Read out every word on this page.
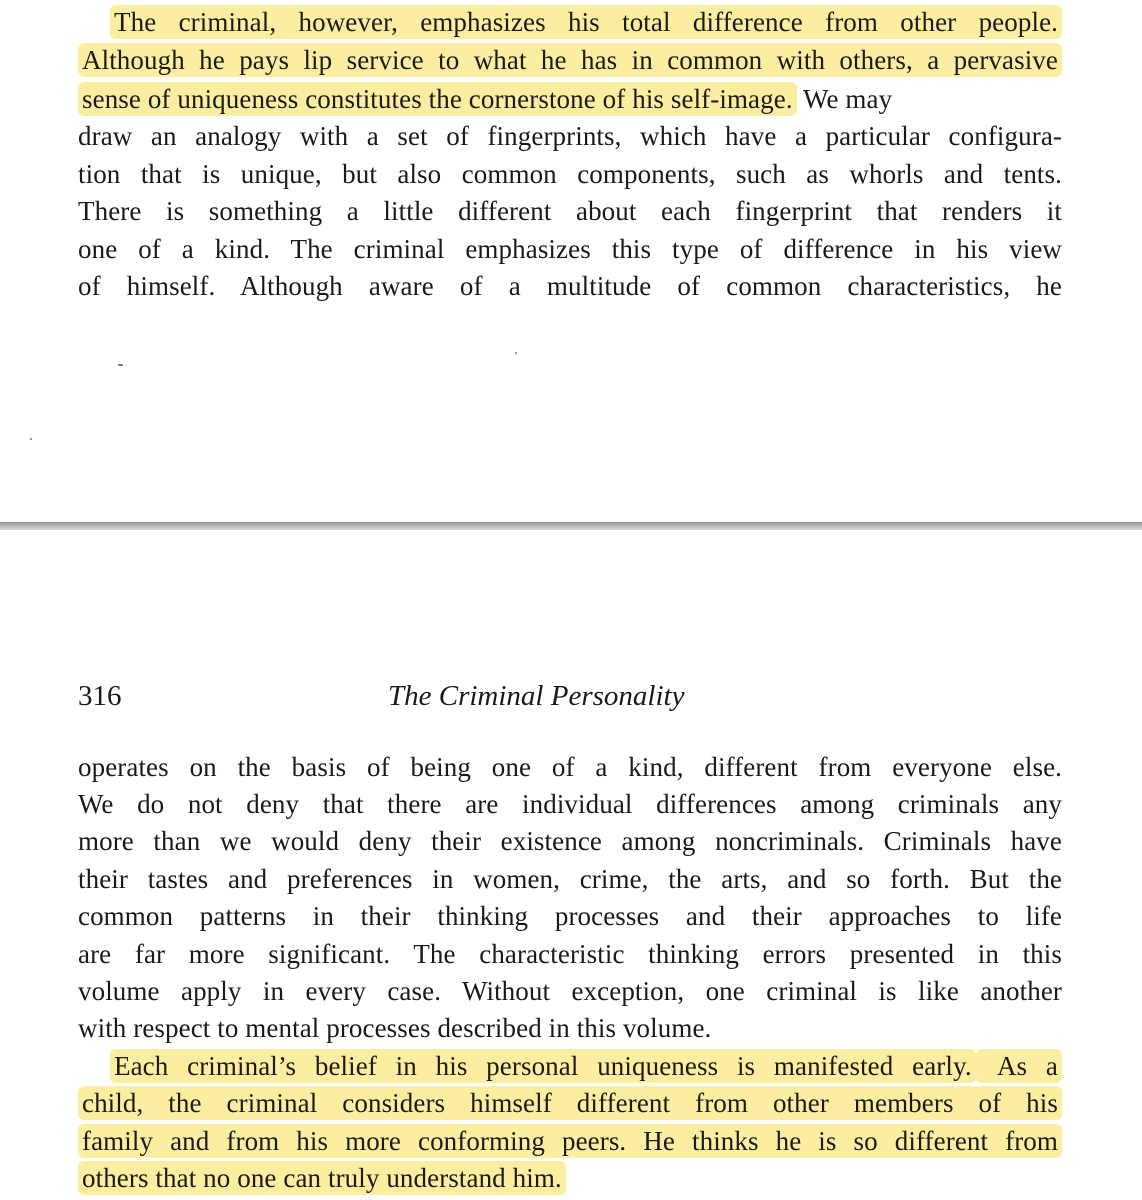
The criminal, however, emphasizes his total difference from other people.
Although he pays lip service to what he has in common with others, a pervasive
sense of uniqueness constitutes the cornerstone of his self-image. We may
draw an analogy with a set of fingerprints, which have a particular configura-
tion that is unique, but also common components, such as whorls and tents.
There is something a little different about each fingerprint that renders it
one of a kind. The criminal emphasizes this type of difference in his view
of himself. Although aware of a multitude of common characteristics, he
316	The Criminal Personality
operates on the basis of being one of a kind, different from everyone else.
We do not deny that there are individual differences among criminals any
more than we would deny their existence among noncriminals. Criminals have
their tastes and preferences in women, crime, the arts, and so forth. But the
common patterns in their thinking processes and their approaches to life
are far more significant. The characteristic thinking errors presented in this
volume apply in every case. Without exception, one criminal is like another
with respect to mental processes described in this volume.
Each criminal’s belief in his personal uniqueness is manifested early. As a
child, the criminal considers himself different from other members of his
family and from his more conforming peers. He thinks he is so different from
others that no one can truly understand him.
